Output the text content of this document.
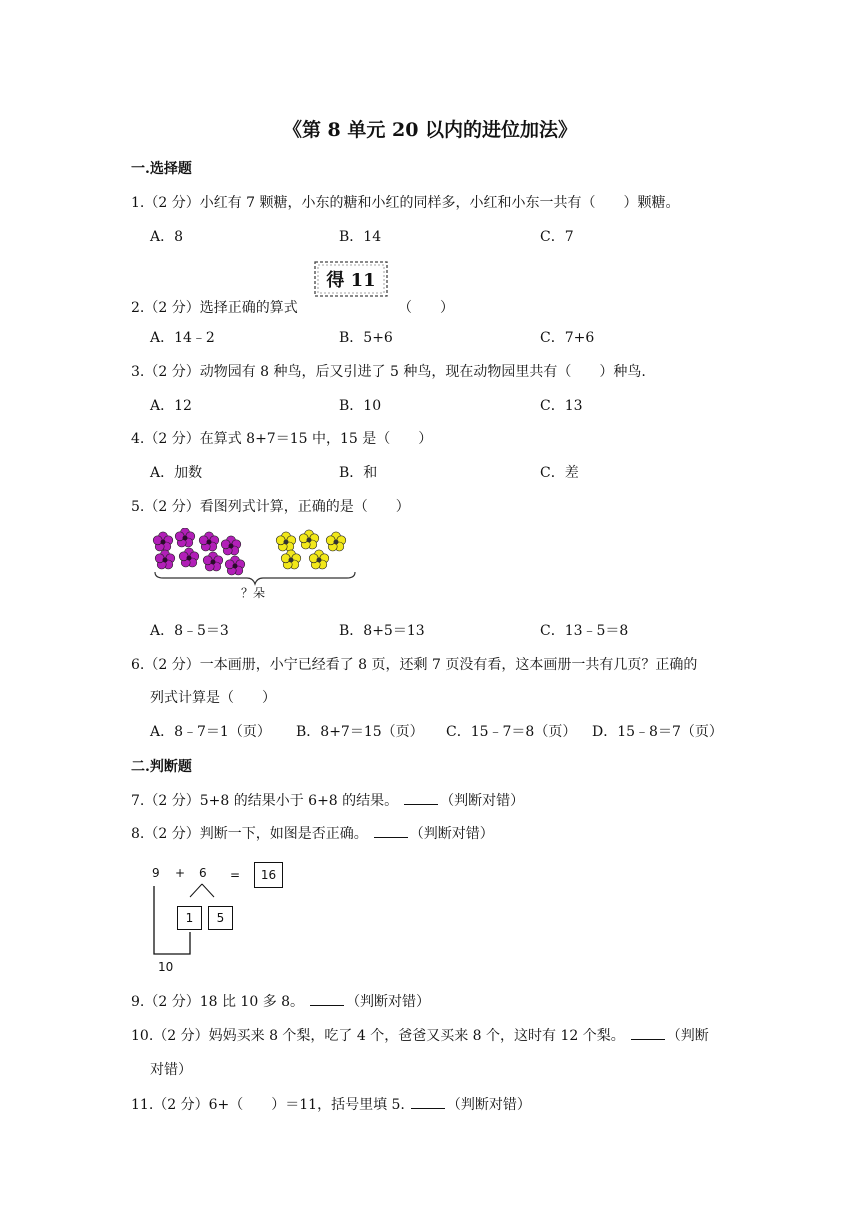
《第 8 单元 20 以内的进位加法》
一.选择题
1.（2 分）小红有 7 颗糖，小东的糖和小红的同样多，小红和小东一共有（　　）颗糖。
A．8	B．14	C．7
得 11
2.（2 分）选择正确的算式	（　　）
A．14﹣2	B．5+6	C．7+6
3.（2 分）动物园有 8 种鸟，后又引进了 5 种鸟，现在动物园里共有（　　）种鸟.
A．12	B．10	C．13
4.（2 分）在算式 8+7＝15 中，15 是（　　）
A．加数	B．和	C．差
5.（2 分）看图列式计算，正确的是（　　）
？朵
A．8﹣5＝3	B．8+5＝13	C．13﹣5＝8
6.（2 分）一本画册，小宁已经看了 8 页，还剩 7 页没有看，这本画册一共有几页？正确的
列式计算是（　　）
A．8﹣7＝1（页） B．8+7＝15（页） C．15﹣7＝8（页） D．15﹣8＝7（页）
二.判断题
7.（2 分）5+8 的结果小于 6+8 的结果。	（判断对错）
8.（2 分）判断一下，如图是否正确。	（判断对错）
9 + 6 =	16
1	5
10
9.（2 分）18 比 10 多 8。	（判断对错）
10.（2 分）妈妈买来 8 个梨，吃了 4 个，爸爸又买来 8 个，这时有 12 个梨。	（判断
对错）
11.（2 分）6+（　　）＝11，括号里填 5.	（判断对错）
